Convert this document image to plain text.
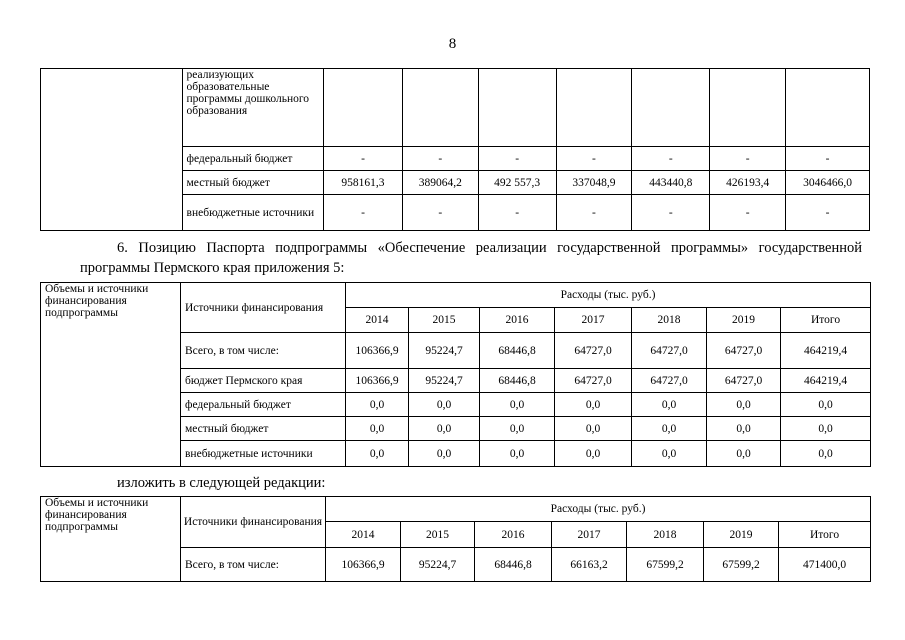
8
	реализующих образовательные программы дошкольного образования							
	федеральный бюджет	-	-	-	-	-	-	-
	местный бюджет	958161,3	389064,2	492 557,3	337048,9	443440,8	426193,4	3046466,0
	внебюджетные источники	-	-	-	-	-	-	-
6. Позицию Паспорта подпрограммы «Обеспечение реализации государственной программы» государственной программы Пермского края приложения 5:
Объемы и источники финансирования подпрограммы	Источники финансирования	Расходы (тыс. руб.)						
		2014	2015	2016	2017	2018	2019	Итого
	Всего, в том числе:	106366,9	95224,7	68446,8	64727,0	64727,0	64727,0	464219,4
	бюджет Пермского края	106366,9	95224,7	68446,8	64727,0	64727,0	64727,0	464219,4
	федеральный бюджет	0,0	0,0	0,0	0,0	0,0	0,0	0,0
	местный бюджет	0,0	0,0	0,0	0,0	0,0	0,0	0,0
	внебюджетные источники	0,0	0,0	0,0	0,0	0,0	0,0	0,0
изложить в следующей редакции:
Объемы и источники финансирования подпрограммы	Источники финансирования	Расходы (тыс. руб.)						
		2014	2015	2016	2017	2018	2019	Итого
	Всего, в том числе:	106366,9	95224,7	68446,8	66163,2	67599,2	67599,2	471400,0
